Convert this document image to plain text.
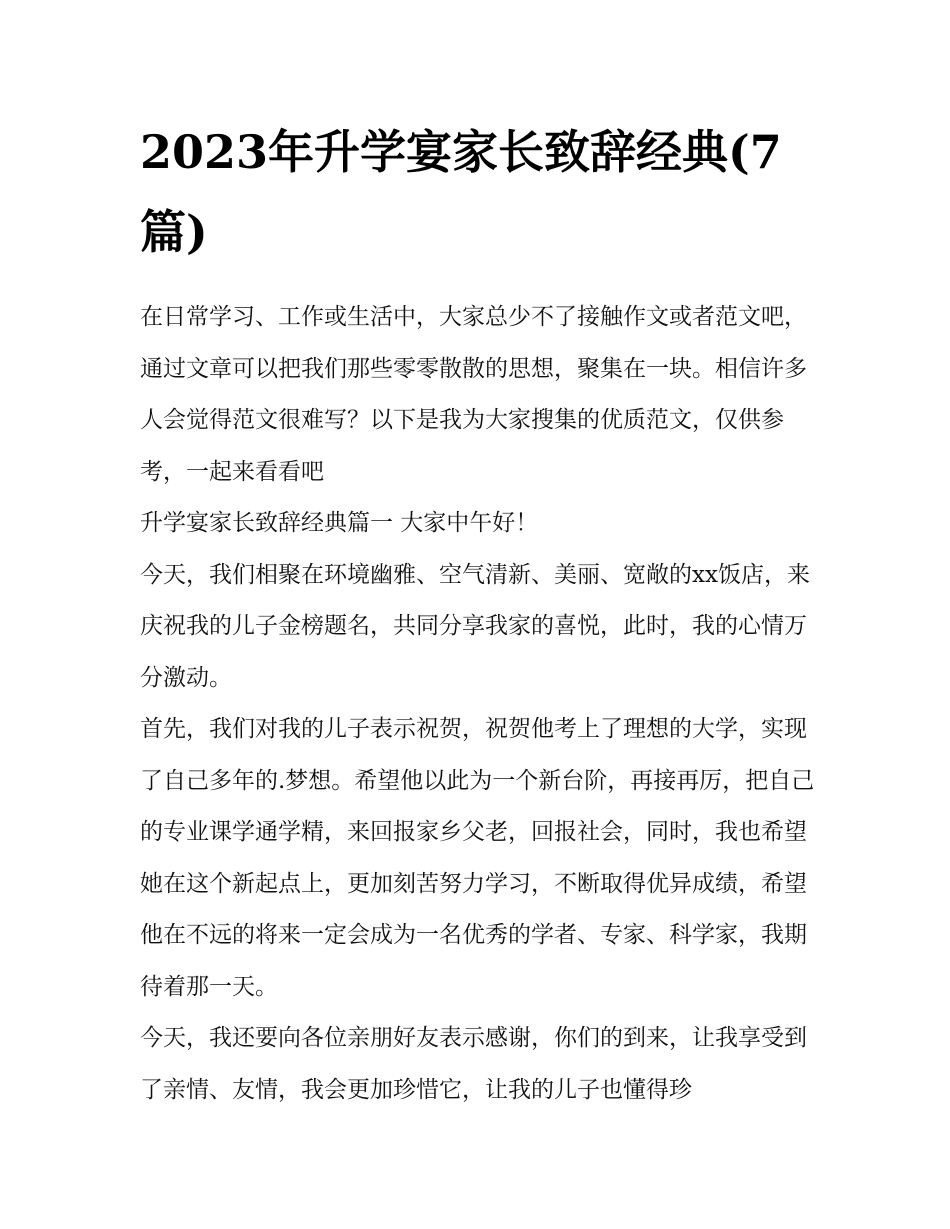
2023年升学宴家长致辞经典(7篇)

在日常学习、工作或生活中，大家总少不了接触作文或者范文吧，通过文章可以把我们那些零零散散的思想，聚集在一块。相信许多人会觉得范文很难写？以下是我为大家搜集的优质范文，仅供参考，一起来看看吧

升学宴家长致辞经典篇一 大家中午好！

今天，我们相聚在环境幽雅、空气清新、美丽、宽敞的xx饭店，来庆祝我的儿子金榜题名，共同分享我家的喜悦，此时，我的心情万分激动。

首先，我们对我的儿子表示祝贺，祝贺他考上了理想的大学，实现了自己多年的.梦想。希望他以此为一个新台阶，再接再厉，把自己的专业课学通学精，来回报家乡父老，回报社会，同时，我也希望她在这个新起点上，更加刻苦努力学习，不断取得优异成绩，希望他在不远的将来一定会成为一名优秀的学者、专家、科学家，我期待着那一天。

今天，我还要向各位亲朋好友表示感谢，你们的到来，让我享受到了亲情、友情，我会更加珍惜它，让我的儿子也懂得珍
